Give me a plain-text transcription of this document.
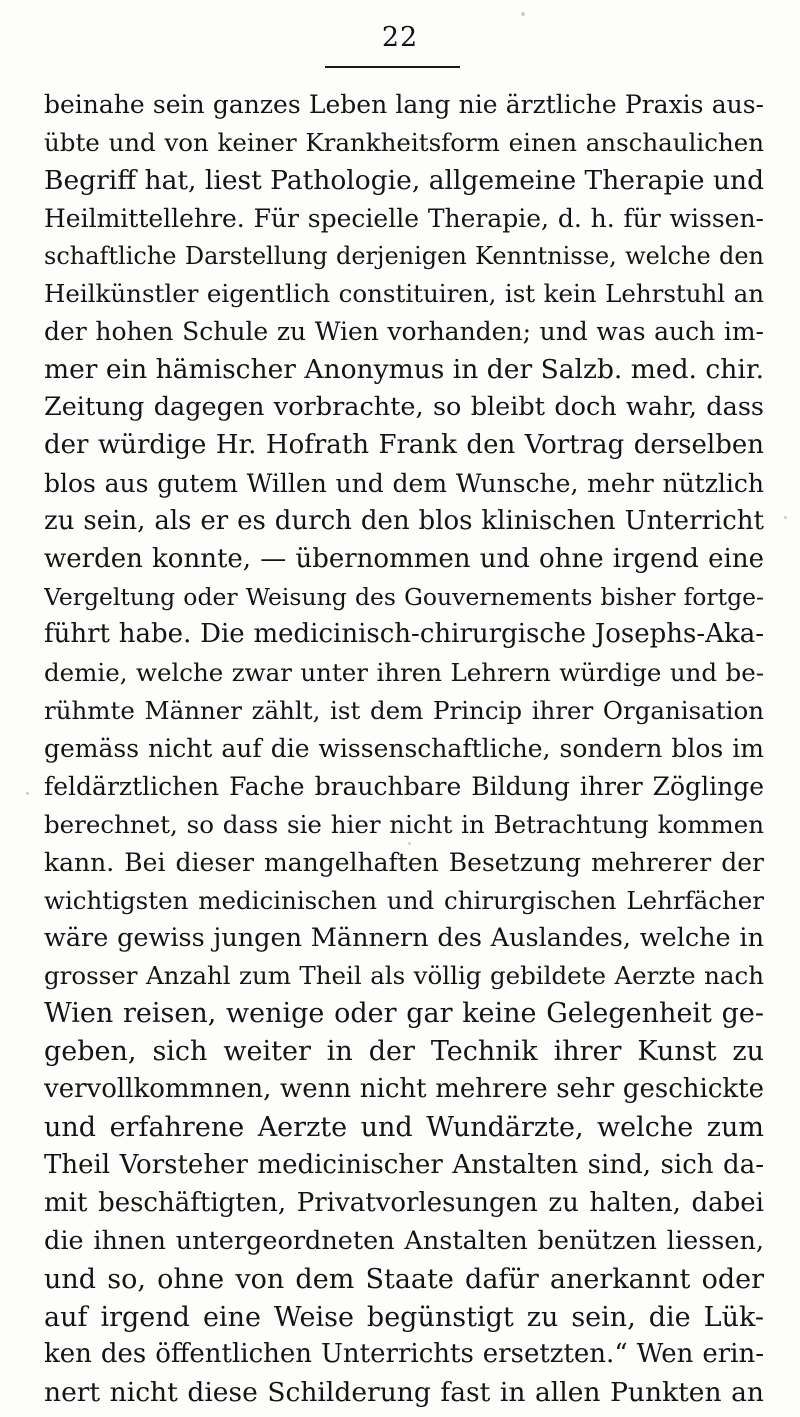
22
beinahe sein ganzes Leben lang nie ärztliche Praxis aus-
übte und von keiner Krankheitsform einen anschaulichen
Begriff hat, liest Pathologie, allgemeine Therapie und
Heilmittellehre. Für specielle Therapie, d. h. für wissen-
schaftliche Darstellung derjenigen Kenntnisse, welche den
Heilkünstler eigentlich constituiren, ist kein Lehrstuhl an
der hohen Schule zu Wien vorhanden; und was auch im-
mer ein hämischer Anonymus in der Salzb. med. chir.
Zeitung dagegen vorbrachte, so bleibt doch wahr, dass
der würdige Hr. Hofrath Frank den Vortrag derselben
blos aus gutem Willen und dem Wunsche, mehr nützlich
zu sein, als er es durch den blos klinischen Unterricht
werden konnte, — übernommen und ohne irgend eine
Vergeltung oder Weisung des Gouvernements bisher fortge-
führt habe. Die medicinisch-chirurgische Josephs-Aka-
demie, welche zwar unter ihren Lehrern würdige und be-
rühmte Männer zählt, ist dem Princip ihrer Organisation
gemäss nicht auf die wissenschaftliche, sondern blos im
feldärztlichen Fache brauchbare Bildung ihrer Zöglinge
berechnet, so dass sie hier nicht in Betrachtung kommen
kann. Bei dieser mangelhaften Besetzung mehrerer der
wichtigsten medicinischen und chirurgischen Lehrfächer
wäre gewiss jungen Männern des Auslandes, welche in
grosser Anzahl zum Theil als völlig gebildete Aerzte nach
Wien reisen, wenige oder gar keine Gelegenheit ge-
geben, sich weiter in der Technik ihrer Kunst zu
vervollkommnen, wenn nicht mehrere sehr geschickte
und erfahrene Aerzte und Wundärzte, welche zum
Theil Vorsteher medicinischer Anstalten sind, sich da-
mit beschäftigten, Privatvorlesungen zu halten, dabei
die ihnen untergeordneten Anstalten benützen liessen,
und so, ohne von dem Staate dafür anerkannt oder
auf irgend eine Weise begünstigt zu sein, die Lük-
ken des öffentlichen Unterrichts ersetzten.“ Wen erin-
nert nicht diese Schilderung fast in allen Punkten an
